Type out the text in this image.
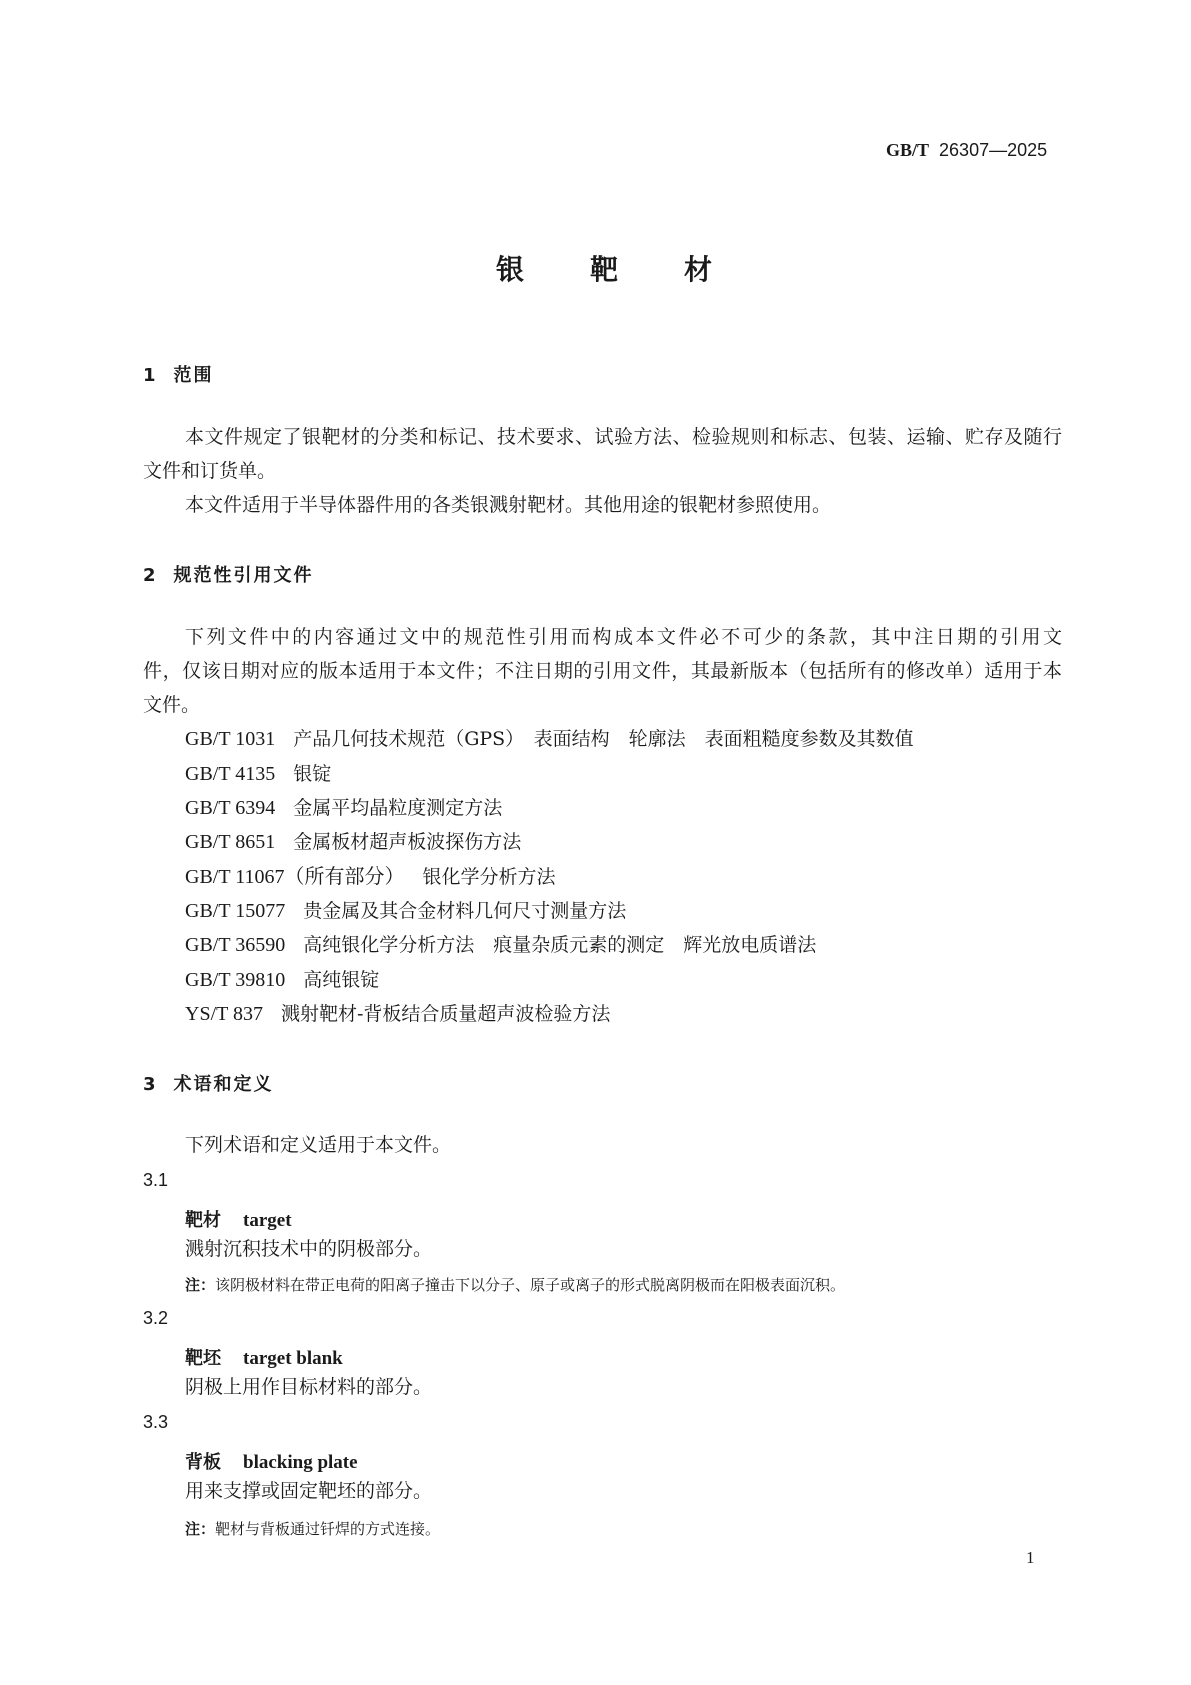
GB/T 26307—2025
银 靶 材
1 范围
本文件规定了银靶材的分类和标记、技术要求、试验方法、检验规则和标志、包装、运输、贮存及随行
文件和订货单。
本文件适用于半导体器件用的各类银溅射靶材。其他用途的银靶材参照使用。
2 规范性引用文件
下列文件中的内容通过文中的规范性引用而构成本文件必不可少的条款，其中注日期的引用文
件，仅该日期对应的版本适用于本文件；不注日期的引用文件，其最新版本（包括所有的修改单）适用于本
文件。
GB/T 1031 产品几何技术规范（GPS）　表面结构　轮廓法　表面粗糙度参数及其数值
GB/T 4135 银锭
GB/T 6394 金属平均晶粒度测定方法
GB/T 8651 金属板材超声板波探伤方法
GB/T 11067（所有部分） 银化学分析方法
GB/T 15077 贵金属及其合金材料几何尺寸测量方法
GB/T 36590 高纯银化学分析方法　痕量杂质元素的测定　辉光放电质谱法
GB/T 39810 高纯银锭
YS/T 837 溅射靶材-背板结合质量超声波检验方法
3 术语和定义
下列术语和定义适用于本文件。
3.1
靶材 target
溅射沉积技术中的阴极部分。
注：该阴极材料在带正电荷的阳离子撞击下以分子、原子或离子的形式脱离阴极而在阳极表面沉积。
3.2
靶坯 target blank
阴极上用作目标材料的部分。
3.3
背板 blacking plate
用来支撑或固定靶坯的部分。
注：靶材与背板通过钎焊的方式连接。
1
